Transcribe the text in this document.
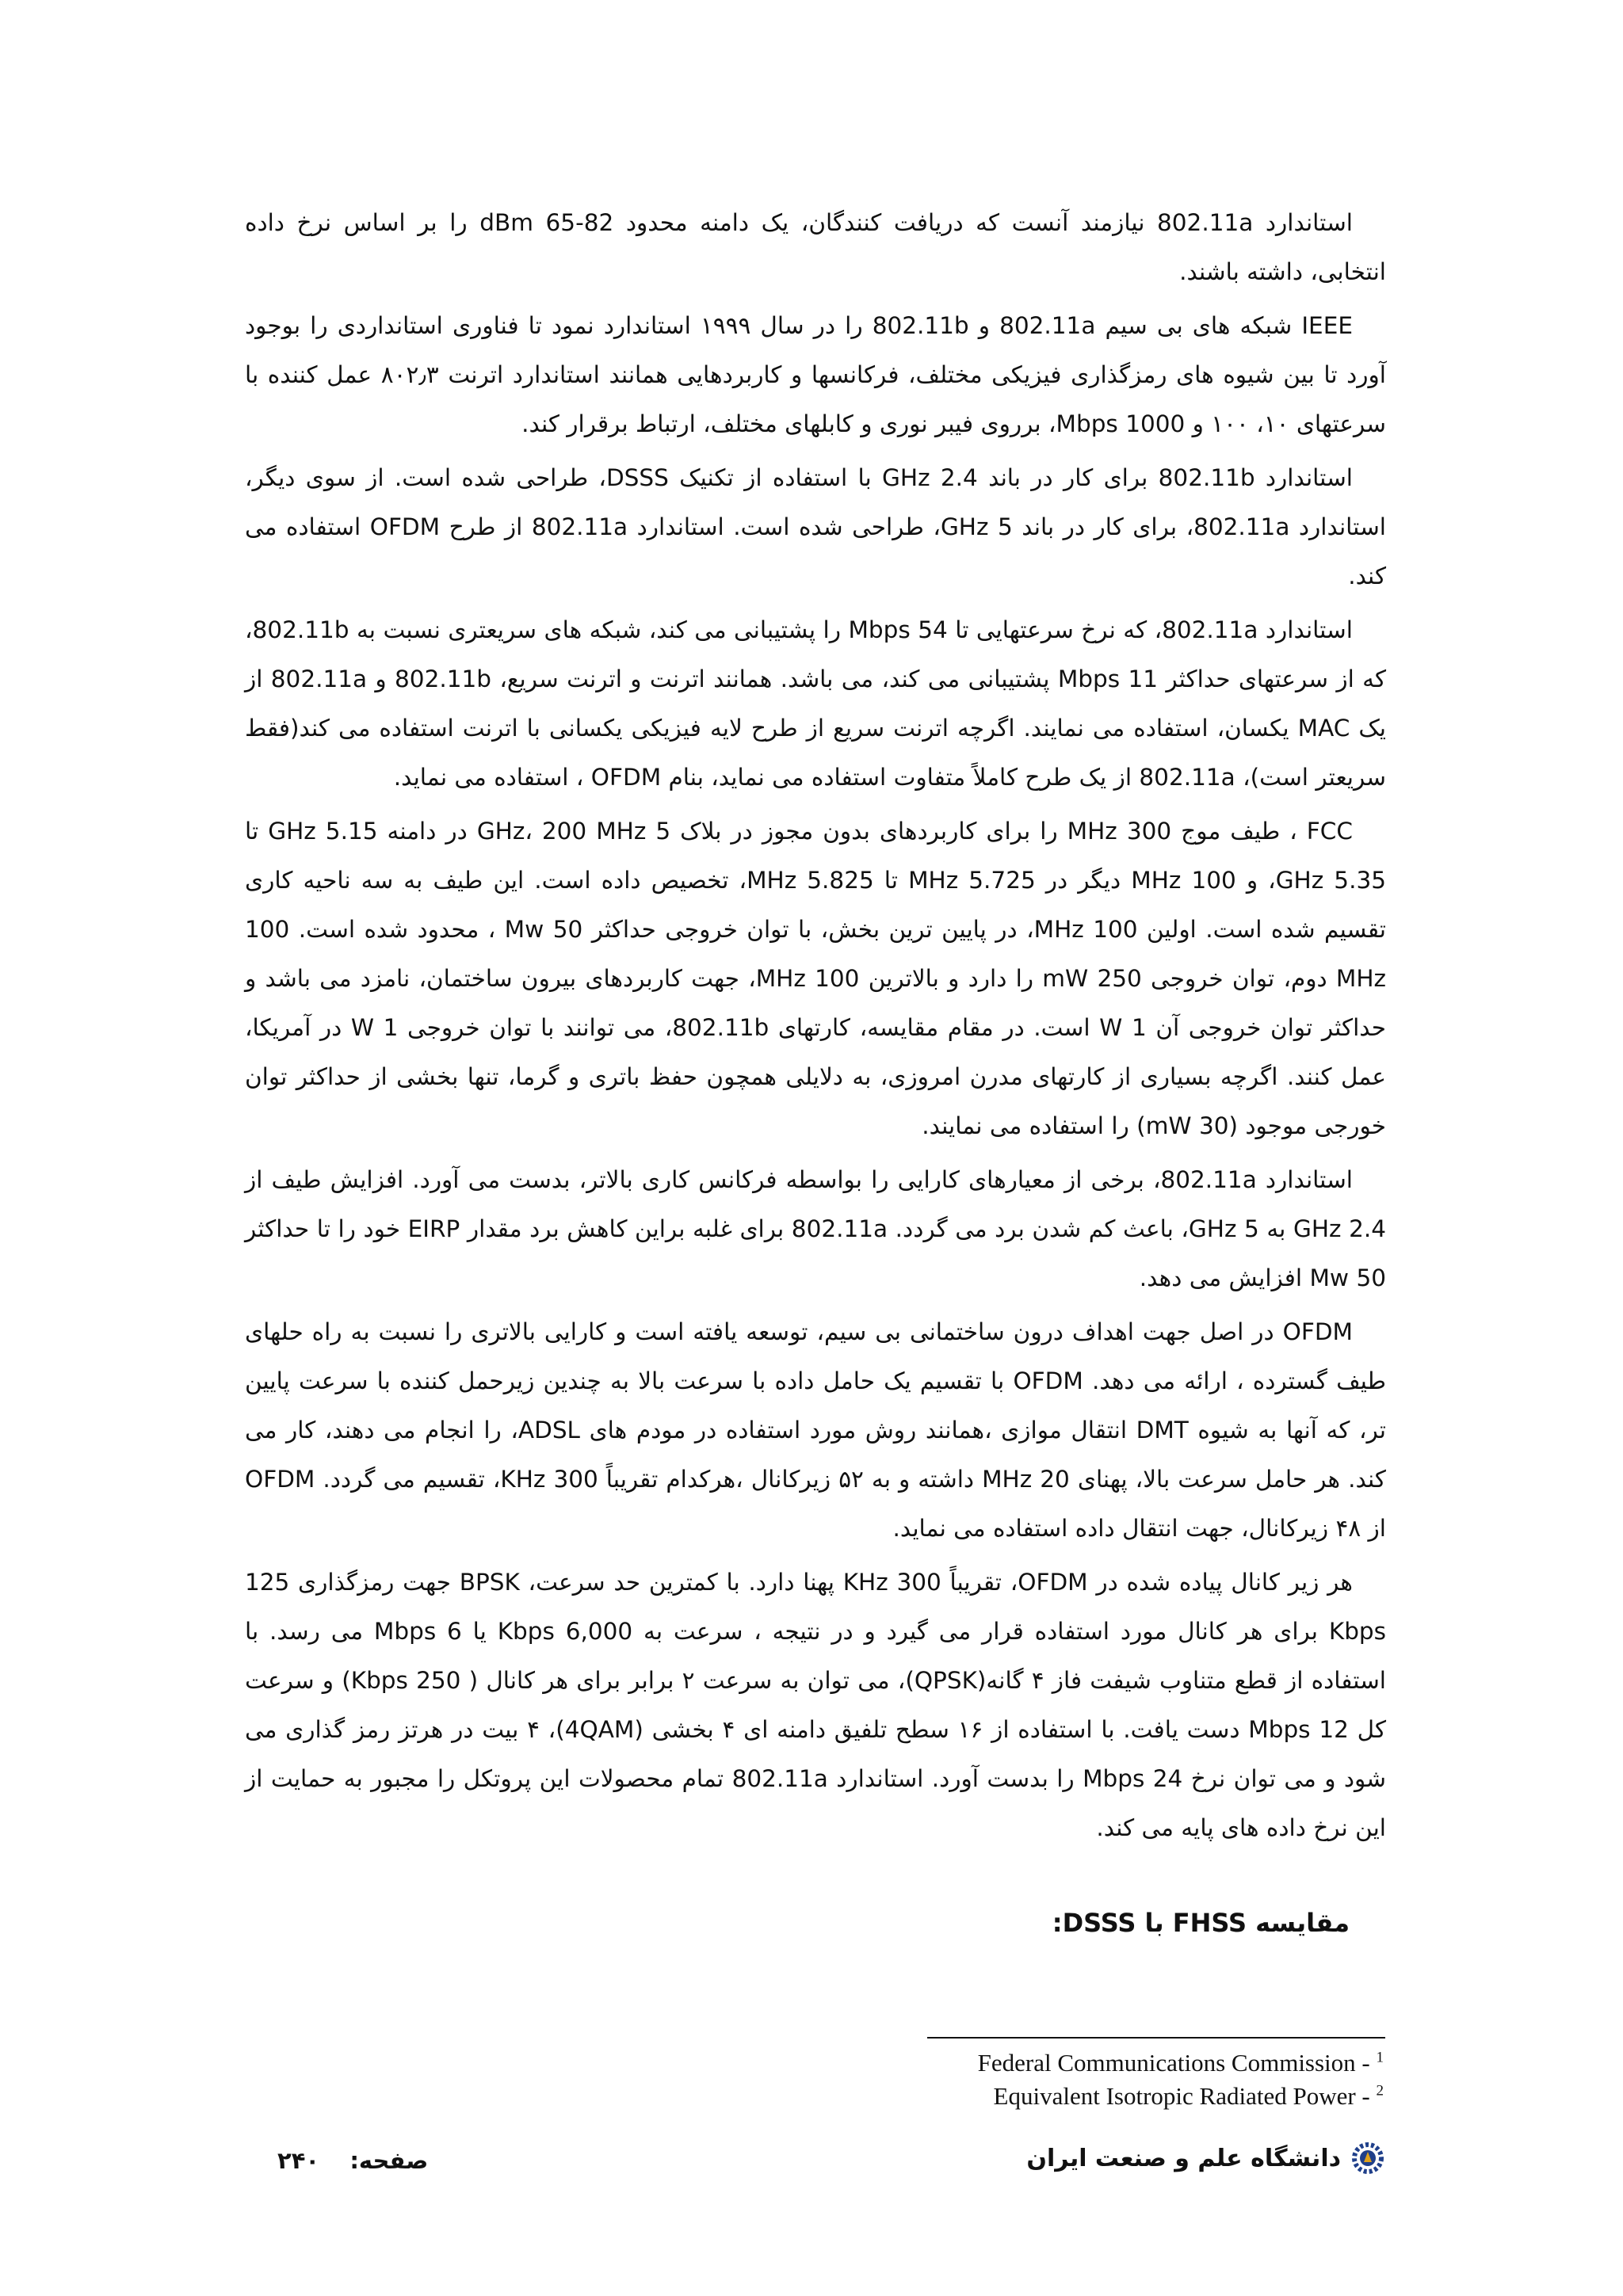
استاندارد 802.11a نیازمند آنست که دریافت کنندگان، یک دامنه محدود 82-65 dBm را بر اساس نرخ داده انتخابی، داشته باشند.

IEEE شبکه های بی سیم 802.11a و 802.11b را در سال ۱۹۹۹ استاندارد نمود تا فناوری استانداردی را بوجود آورد تا بین شیوه های رمزگذاری فیزیکی مختلف، فرکانسها و کاربردهایی همانند استاندارد اترنت ۸۰۲٫۳ عمل کننده با سرعتهای ۱۰، ۱۰۰ و 1000 Mbps، برروی فیبر نوری و کابلهای مختلف، ارتباط برقرار کند.

استاندارد 802.11b برای کار در باند 2.4 GHz با استفاده از تکنیک DSSS، طراحی شده است. از سوی دیگر، استاندارد 802.11a، برای کار در باند 5 GHz، طراحی شده است. استاندارد 802.11a از طرح OFDM استفاده می کند.

استاندارد 802.11a، که نرخ سرعتهایی تا 54 Mbps را پشتیبانی می کند، شبکه های سریعتری نسبت به 802.11b، که از سرعتهای حداکثر 11 Mbps پشتیبانی می کند، می باشد. همانند اترنت و اترنت سریع، 802.11b و 802.11a از یک MAC یکسان، استفاده می نمایند. اگرچه اترنت سریع از طرح لایه فیزیکی یکسانی با اترنت استفاده می کند(فقط سریعتر است)، 802.11a از یک طرح کاملاً متفاوت استفاده می نماید، بنام OFDM ، استفاده می نماید.

FCC ، طیف موج 300 MHz را برای کاربردهای بدون مجوز در بلاک 5 GHz، 200 MHz در دامنه 5.15 GHz تا 5.35 GHz، و 100 MHz دیگر در 5.725 MHz تا 5.825 MHz، تخصیص داده است. این طیف به سه ناحیه کاری تقسیم شده است. اولین 100 MHz، در پایین ترین بخش، با توان خروجی حداکثر 50 Mw ، محدود شده است. 100 MHz دوم، توان خروجی 250 mW را دارد و بالاترین 100 MHz، جهت کاربردهای بیرون ساختمان، نامزد می باشد و حداکثر توان خروجی آن 1 W است. در مقام مقایسه، کارتهای 802.11b، می توانند با توان خروجی 1 W در آمریکا، عمل کنند. اگرچه بسیاری از کارتهای مدرن امروزی، به دلایلی همچون حفظ باتری و گرما، تنها بخشی از حداکثر توان خورجی موجود (30 mW) را استفاده می نمایند.

استاندارد 802.11a، برخی از معیارهای کارایی را بواسطه فرکانس کاری بالاتر، بدست می آورد. افزایش طیف از 2.4 GHz به 5 GHz، باعث کم شدن برد می گردد. 802.11a برای غلبه براین کاهش برد مقدار EIRP خود را تا حداکثر 50 Mw افزایش می دهد.

OFDM در اصل جهت اهداف درون ساختمانی بی سیم، توسعه یافته است و کارایی بالاتری را نسبت به راه حلهای طیف گسترده ، ارائه می دهد. OFDM با تقسیم یک حامل داده با سرعت بالا به چندین زیرحمل کننده با سرعت پایین تر، که آنها به شیوه DMT انتقال موازی ،همانند روش مورد استفاده در مودم های ADSL، را انجام می دهند، کار می کند. هر حامل سرعت بالا، پهنای 20 MHz داشته و به ۵۲ زیرکانال ،هرکدام تقریباً 300 KHz، تقسیم می گردد. OFDM از ۴۸ زیرکانال، جهت انتقال داده استفاده می نماید.

هر زیر کانال پیاده شده در OFDM، تقریباً 300 KHz پهنا دارد. با کمترین حد سرعت، BPSK جهت رمزگذاری 125 Kbps برای هر کانال مورد استفاده قرار می گیرد و در نتیجه ، سرعت به 6,000 Kbps یا 6 Mbps می رسد. با استفاده از قطع متناوب شیفت فاز ۴ گانه(QPSK)، می توان به سرعت ۲ برابر برای هر کانال ( 250 Kbps) و سرعت کل 12 Mbps دست یافت. با استفاده از ۱۶ سطح تلفیق دامنه ای ۴ بخشی (4QAM)، ۴ بیت در هرتز رمز گذاری می شود و می توان نرخ 24 Mbps را بدست آورد. استاندارد 802.11a تمام محصولات این پروتکل را مجبور به حمایت از این نرخ داده های پایه می کند.

مقایسه FHSS با DSSS:
Federal Communications Commission - $^1$
Equivalent Isotropic Radiated Power - $^2$
دانشگاه علم و صنعت ایران
صفحه:  ۲۴۰
